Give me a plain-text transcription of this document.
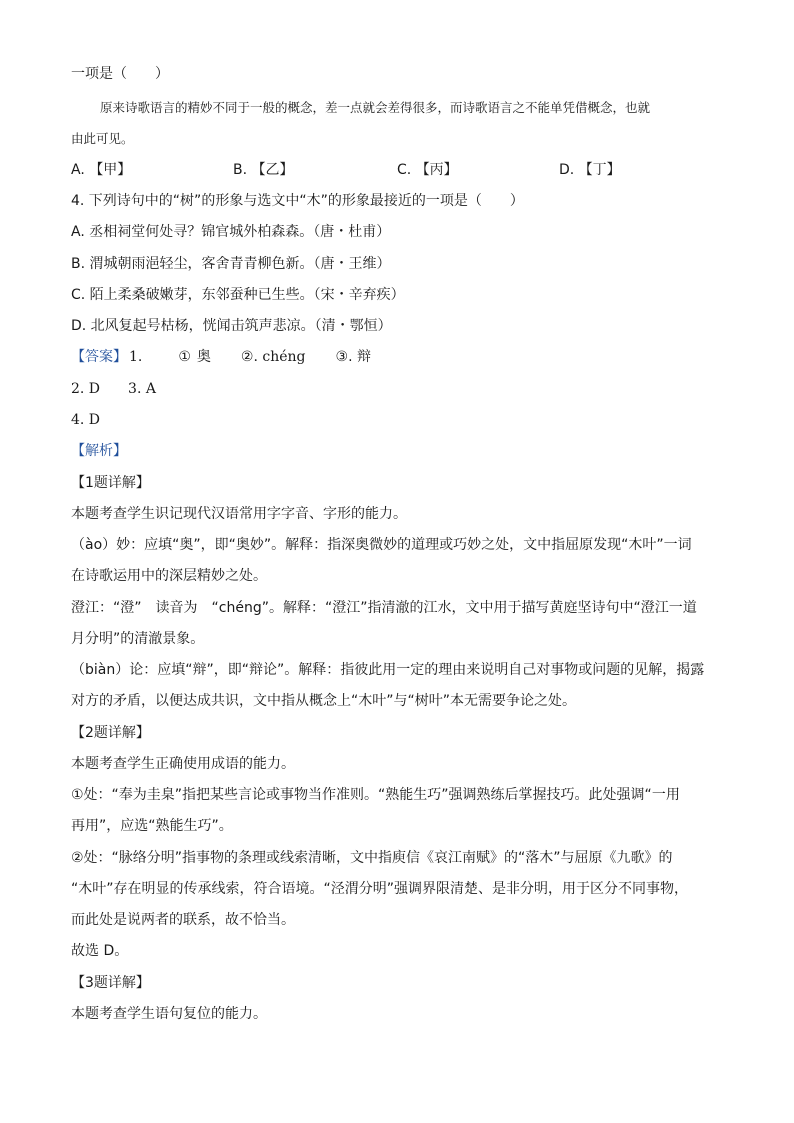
一项是（　　）
原来诗歌语言的精妙不同于一般的概念，差一点就会差得很多，而诗歌语言之不能单凭借概念，也就
由此可见。
A. 【甲】	B. 【乙】	C. 【丙】	D. 【丁】
4. 下列诗句中的“树”的形象与选文中“木”的形象最接近的一项是（　　）
A. 丞相祠堂何处寻？锦官城外柏森森。（唐・杜甫）
B. 渭城朝雨浥轻尘，客舍青青柳色新。（唐・王维）
C. 陌上柔桑破嫩芽，东邻蚕种已生些。（宋・辛弃疾）
D. 北风复起号枯杨，恍闻击筑声悲凉。（清・鄂恒）
【答案】 1.	① 奥 ②. chéng ③. 辩
2. D　　3. A
4. D
【解析】
【1题详解】
本题考查学生识记现代汉语常用字字音、字形的能力。
（ào）妙：应填“奥”，即“奥妙”。解释：指深奥微妙的道理或巧妙之处，文中指屈原发现“木叶”一词
在诗歌运用中的深层精妙之处。
澄江：“澄”　读音为　“chéng”。解释：“澄江”指清澈的江水，文中用于描写黄庭坚诗句中“澄江一道
月分明”的清澈景象。
（biàn）论：应填“辩”，即“辩论”。解释：指彼此用一定的理由来说明自己对事物或问题的见解，揭露
对方的矛盾，以便达成共识，文中指从概念上“木叶”与“树叶”本无需要争论之处。
【2题详解】
本题考查学生正确使用成语的能力。
①处：“奉为圭臬”指把某些言论或事物当作准则。“熟能生巧”强调熟练后掌握技巧。此处强调“一用
再用”，应选“熟能生巧”。
②处：“脉络分明”指事物的条理或线索清晰，文中指庾信《哀江南赋》的“落木”与屈原《九歌》的
“木叶”存在明显的传承线索，符合语境。“泾渭分明”强调界限清楚、是非分明，用于区分不同事物，
而此处是说两者的联系，故不恰当。
故选 D。
【3题详解】
本题考查学生语句复位的能力。
